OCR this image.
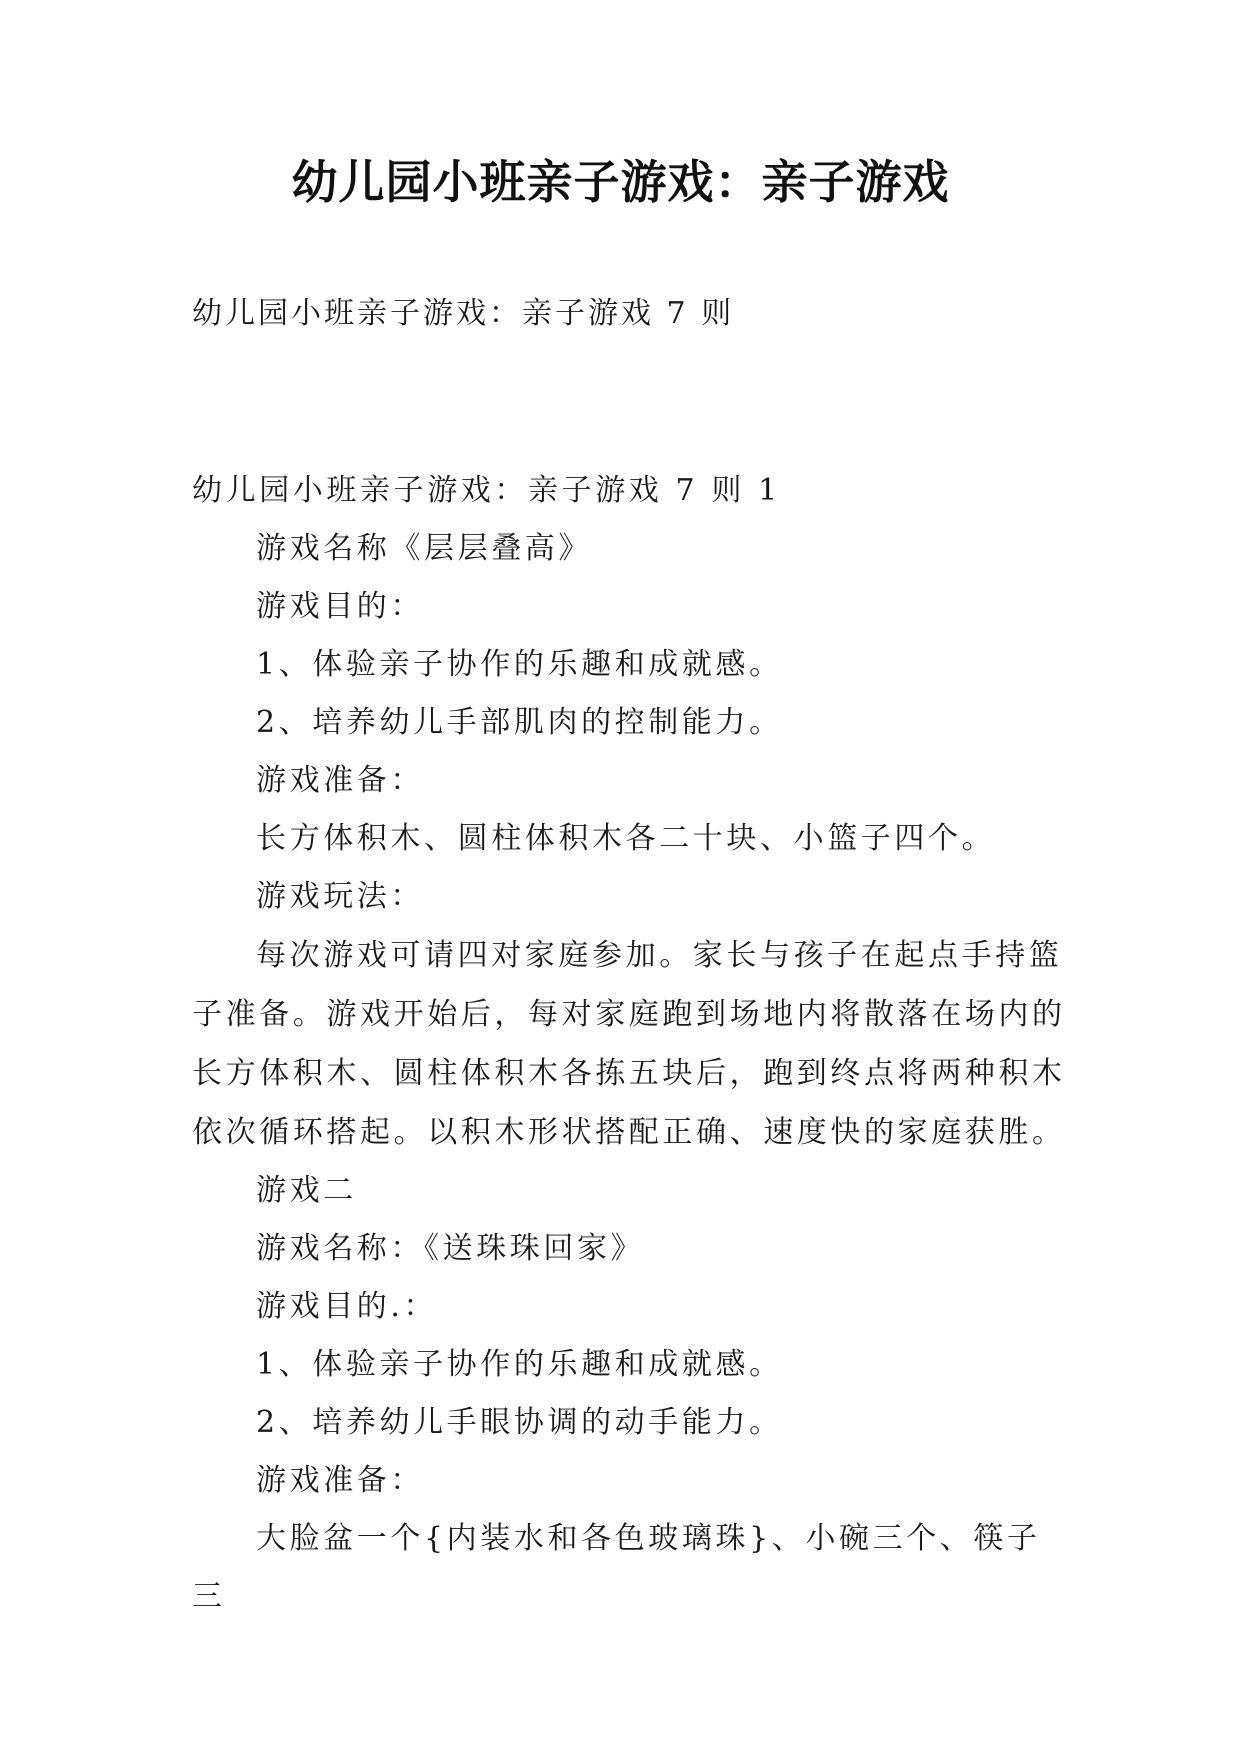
幼儿园小班亲子游戏：亲子游戏
幼儿园小班亲子游戏：亲子游戏 7 则

幼儿园小班亲子游戏：亲子游戏 7 则 1

游戏名称《层层叠高》

游戏目的：

1、体验亲子协作的乐趣和成就感。

2、培养幼儿手部肌肉的控制能力。

游戏准备：

长方体积木、圆柱体积木各二十块、小篮子四个。

游戏玩法：

每次游戏可请四对家庭参加。家长与孩子在起点手持篮子准备。游戏开始后，每对家庭跑到场地内将散落在场内的长方体积木、圆柱体积木各拣五块后，跑到终点将两种积木依次循环搭起。以积木形状搭配正确、速度快的家庭获胜。

游戏二

游戏名称：《送珠珠回家》

游戏目的.：

1、体验亲子协作的乐趣和成就感。

2、培养幼儿手眼协调的动手能力。

游戏准备：

大脸盆一个{内装水和各色玻璃珠}、小碗三个、筷子三
